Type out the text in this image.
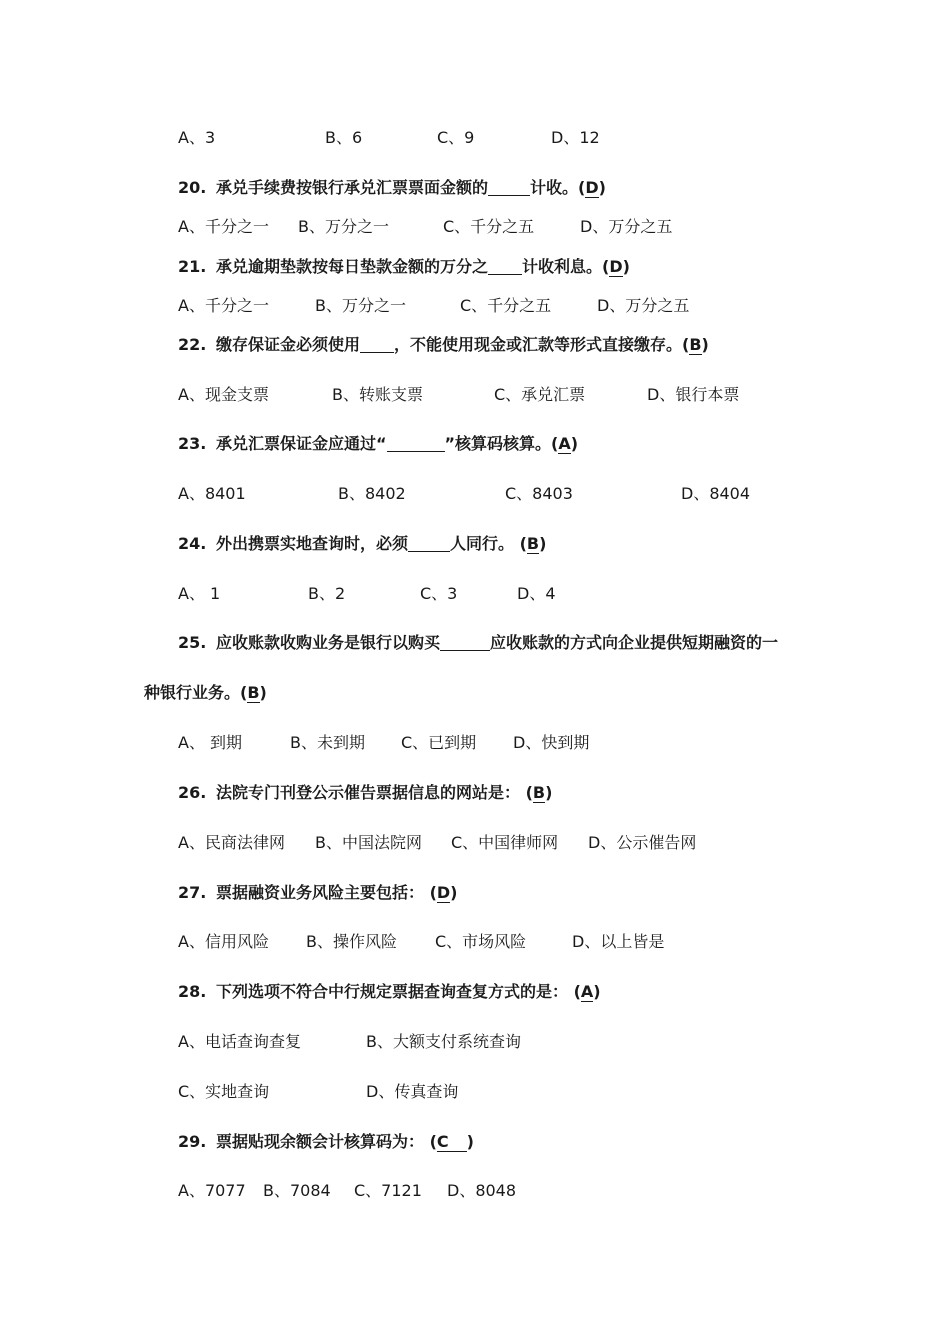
A、3	B、6	C、9	D、12
20. 承兑手续费按银行承兑汇票票面金额的	计收。(D)
A、千分之一 B、万分之一	C、千分之五	D、万分之五
21. 承兑逾期垫款按每日垫款金额的万分之 计收利息。(D)
A、千分之一	B、万分之一	C、千分之五	D、万分之五
22. 缴存保证金必须使用 ，不能使用现金或汇款等形式直接缴存。(B)
A、现金支票	B、转账支票	C、承兑汇票	D、银行本票
23. 承兑汇票保证金应通过“	”核算码核算。(A)
A、8401	B、8402	C、8403	D、8404
24. 外出携票实地查询时，必须	人同行。 (B)
A、 1	B、2	C、3	D、4
25. 应收账款收购业务是银行以购买	应收账款的方式向企业提供短期融资的一
种银行业务。(B)
A、 到期	B、未到期 C、已到期 D、快到期
26. 法院专门刊登公示催告票据信息的网站是： (B)
A、民商法律网 B、中国法院网 C、中国律师网 D、公示催告网
27. 票据融资业务风险主要包括： (D)
A、信用风险 B、操作风险 C、市场风险	D、以上皆是
28. 下列选项不符合中行规定票据查询查复方式的是： (A)
A、电话查询查复	B、大额支付系统查询
C、实地查询	D、传真查询
29. 票据贴现余额会计核算码为： (C )
A、7077 B、7084 C、7121 D、8048
